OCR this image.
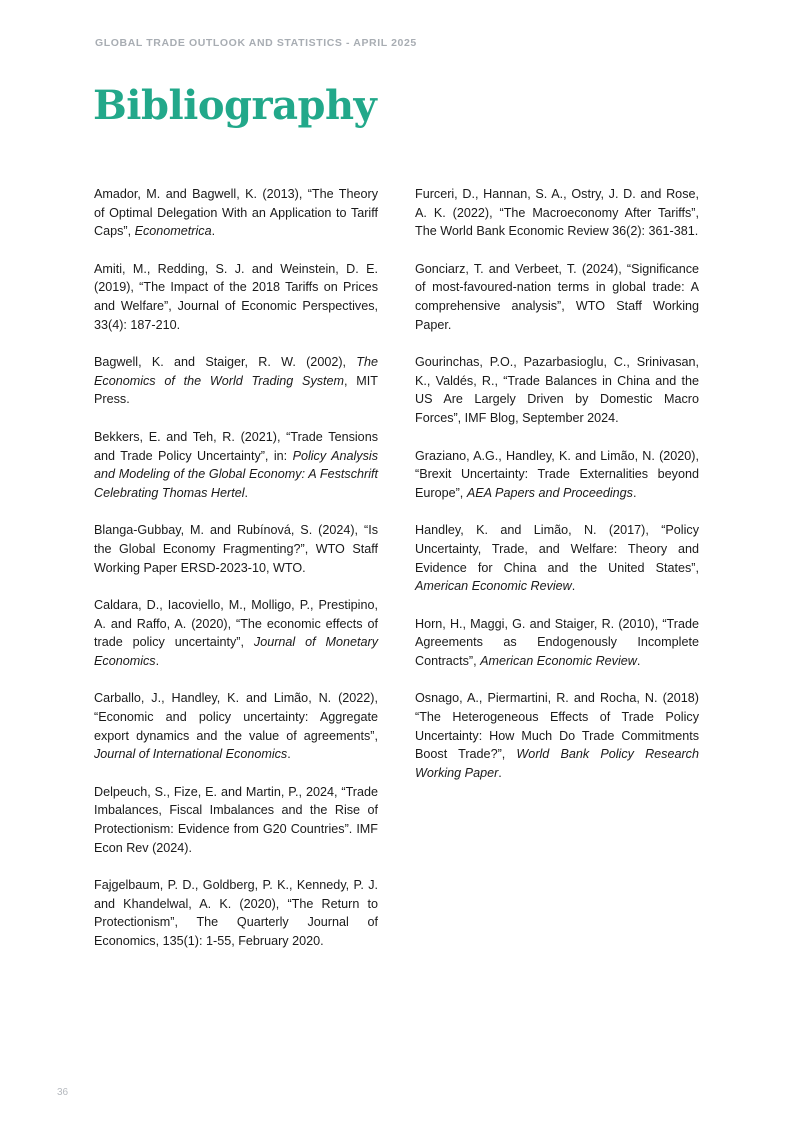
GLOBAL TRADE OUTLOOK AND STATISTICS - APRIL 2025
Bibliography

Amador, M. and Bagwell, K. (2013), “The Theory of Optimal Delegation With an Application to Tariff Caps”, Econometrica.

Amiti, M., Redding, S. J. and Weinstein, D. E. (2019), “The Impact of the 2018 Tariffs on Prices and Welfare”, Journal of Economic Perspectives, 33(4): 187-210.

Bagwell, K. and Staiger, R. W. (2002), The Economics of the World Trading System, MIT Press.

Bekkers, E. and Teh, R. (2021), “Trade Tensions and Trade Policy Uncertainty”, in: Policy Analysis and Modeling of the Global Economy: A Festschrift Celebrating Thomas Hertel.

Blanga-Gubbay, M. and Rubínová, S. (2024), “Is the Global Economy Fragmenting?”, WTO Staff Working Paper ERSD-2023-10, WTO.

Caldara, D., Iacoviello, M., Molligo, P., Prestipino, A. and Raffo, A. (2020), “The economic effects of trade policy uncertainty”, Journal of Monetary Economics.

Carballo, J., Handley, K. and Limão, N. (2022), “Economic and policy uncertainty: Aggregate export dynamics and the value of agreements”, Journal of International Economics.

Delpeuch, S., Fize, E. and Martin, P., 2024, “Trade Imbalances, Fiscal Imbalances and the Rise of Protectionism: Evidence from G20 Countries”. IMF Econ Rev (2024).

Fajgelbaum, P. D., Goldberg, P. K., Kennedy, P. J. and Khandelwal, A. K. (2020), “The Return to Protectionism”, The Quarterly Journal of Economics, 135(1): 1-55, February 2020.

Furceri, D., Hannan, S. A., Ostry, J. D. and Rose, A. K. (2022), “The Macroeconomy After Tariffs”, The World Bank Economic Review 36(2): 361-381.

Gonciarz, T. and Verbeet, T. (2024), “Significance of most-favoured-nation terms in global trade: A comprehensive analysis”, WTO Staff Working Paper.

Gourinchas, P.O., Pazarbasioglu, C., Srinivasan, K., Valdés, R., “Trade Balances in China and the US Are Largely Driven by Domestic Macro Forces”, IMF Blog, September 2024.

Graziano, A.G., Handley, K. and Limão, N. (2020), “Brexit Uncertainty: Trade Externalities beyond Europe”, AEA Papers and Proceedings.

Handley, K. and Limão, N. (2017), “Policy Uncertainty, Trade, and Welfare: Theory and Evidence for China and the United States”, American Economic Review.

Horn, H., Maggi, G. and Staiger, R. (2010), “Trade Agreements as Endogenously Incomplete Contracts”, American Economic Review.

Osnago, A., Piermartini, R. and Rocha, N. (2018) “The Heterogeneous Effects of Trade Policy Uncertainty: How Much Do Trade Commitments Boost Trade?”, World Bank Policy Research Working Paper.

36
